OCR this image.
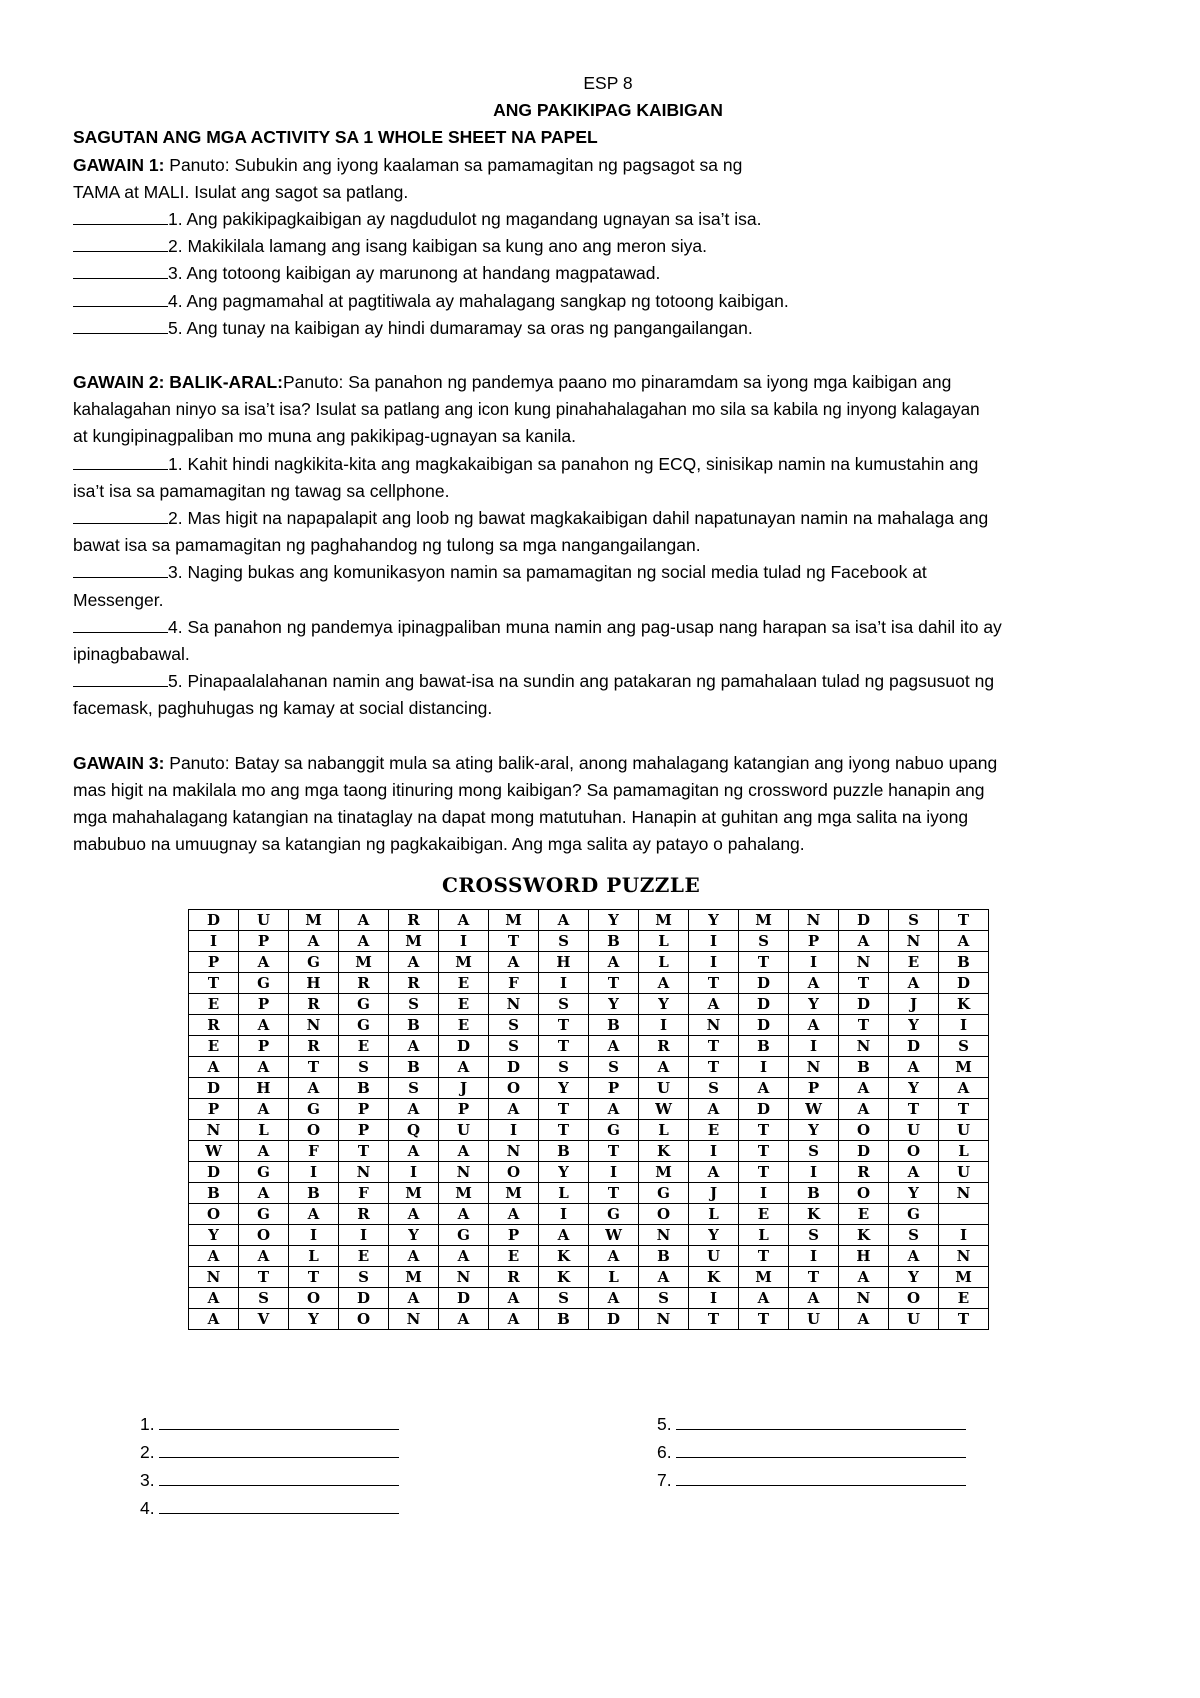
ESP 8
ANG PAKIKIPAG KAIBIGAN
SAGUTAN ANG MGA ACTIVITY SA 1 WHOLE SHEET NA PAPEL
GAWAIN 1: Panuto: Subukin ang iyong kaalaman sa pamamagitan ng pagsagot sa ng
TAMA at MALI. Isulat ang sagot sa patlang.
1. Ang pakikipagkaibigan ay nagdudulot ng magandang ugnayan sa isa’t isa.
2. Makikilala lamang ang isang kaibigan sa kung ano ang meron siya.
3. Ang totoong kaibigan ay marunong at handang magpatawad.
4. Ang pagmamahal at pagtitiwala ay mahalagang sangkap ng totoong kaibigan.
5. Ang tunay na kaibigan ay hindi dumaramay sa oras ng pangangailangan.
GAWAIN 2: BALIK-ARAL:Panuto: Sa panahon ng pandemya paano mo pinaramdam sa iyong mga kaibigan ang
kahalagahan ninyo sa isa’t isa? Isulat sa patlang ang icon kung pinahahalagahan mo sila sa kabila ng inyong kalagayan
at kungipinagpaliban mo muna ang pakikipag-ugnayan sa kanila.
1. Kahit hindi nagkikita-kita ang magkakaibigan sa panahon ng ECQ, sinisikap namin na kumustahin ang
isa’t isa sa pamamagitan ng tawag sa cellphone.
2. Mas higit na napapalapit ang loob ng bawat magkakaibigan dahil napatunayan namin na mahalaga ang
bawat isa sa pamamagitan ng paghahandog ng tulong sa mga nangangailangan.
3. Naging bukas ang komunikasyon namin sa pamamagitan ng social media tulad ng Facebook at
Messenger.
4. Sa panahon ng pandemya ipinagpaliban muna namin ang pag-usap nang harapan sa isa’t isa dahil ito ay
ipinagbabawal.
5. Pinapaalalahanan namin ang bawat-isa na sundin ang patakaran ng pamahalaan tulad ng pagsusuot ng
facemask, paghuhugas ng kamay at social distancing.
GAWAIN 3: Panuto: Batay sa nabanggit mula sa ating balik-aral, anong mahalagang katangian ang iyong nabuo upang
mas higit na makilala mo ang mga taong itinuring mong kaibigan? Sa pamamagitan ng crossword puzzle hanapin ang
mga mahahalagang katangian na tinataglay na dapat mong matutuhan. Hanapin at guhitan ang mga salita na iyong
mabubuo na umuugnay sa katangian ng pagkakaibigan. Ang mga salita ay patayo o pahalang.
CROSSWORD PUZZLE
D	U	M	A	R	A	M	A	Y	M	Y	M	N	D	S	T
I	P	A	A	M	I	T	S	B	L	I	S	P	A	N	A
P	A	G	M	A	M	A	H	A	L	I	T	I	N	E	B
T	G	H	R	R	E	F	I	T	A	T	D	A	T	A	D
E	P	R	G	S	E	N	S	Y	Y	A	D	Y	D	J	K
R	A	N	G	B	E	S	T	B	I	N	D	A	T	Y	I
E	P	R	E	A	D	S	T	A	R	T	B	I	N	D	S
A	A	T	S	B	A	D	S	S	A	T	I	N	B	A	M
D	H	A	B	S	J	O	Y	P	U	S	A	P	A	Y	A
P	A	G	P	A	P	A	T	A	W	A	D	W	A	T	T
N	L	O	P	Q	U	I	T	G	L	E	T	Y	O	U	U
W	A	F	T	A	A	N	B	T	K	I	T	S	D	O	L
D	G	I	N	I	N	O	Y	I	M	A	T	I	R	A	U
B	A	B	F	M	M	M	L	T	G	J	I	B	O	Y	N
O	G	A	R	A	A	A	I	G	O	L	E	K	E	G	
Y	O	I	I	Y	G	P	A	W	N	Y	L	S	K	S	I
A	A	L	E	A	A	E	K	A	B	U	T	I	H	A	N
N	T	T	S	M	N	R	K	L	A	K	M	T	A	Y	M
A	S	O	D	A	D	A	S	A	S	I	A	A	N	O	E
A	V	Y	O	N	A	A	B	D	N	T	T	U	A	U	T
1.
2.
3.
4.
5.
6.
7.
